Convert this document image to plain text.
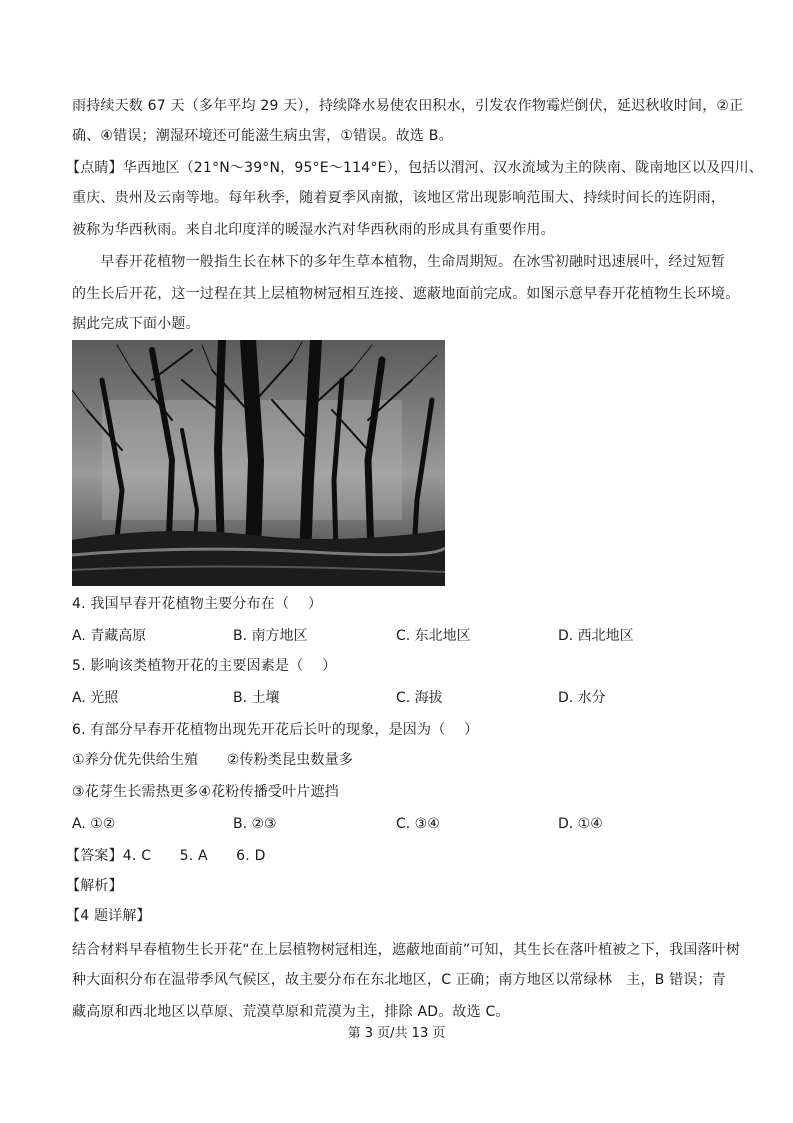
雨持续天数 67 天（多年平均 29 天），持续降水易使农田积水，引发农作物霉烂倒伏，延迟秋收时间，②正
确、④错误；潮湿环境还可能滋生病虫害，①错误。故选 B。
【点睛】华西地区（21°N～39°N，95°E～114°E），包括以渭河、汉水流域为主的陕南、陇南地区以及四川、
重庆、贵州及云南等地。每年秋季，随着夏季风南撤，该地区常出现影响范围大、持续时间长的连阴雨，
被称为华西秋雨。来自北印度洋的暖湿水汽对华西秋雨的形成具有重要作用。
　　早春开花植物一般指生长在林下的多年生草本植物，生命周期短。在冰雪初融时迅速展叶，经过短暂
的生长后开花，这一过程在其上层植物树冠相互连接、遮蔽地面前完成。如图示意早春开花植物生长环境。
据此完成下面小题。
4. 我国早春开花植物主要分布在（　 ）
A. 青藏高原	B. 南方地区	C. 东北地区	D. 西北地区
5. 影响该类植物开花的主要因素是（　 ）
A. 光照	B. 土壤	C. 海拔	D. 水分
6. 有部分早春开花植物出现先开花后长叶的现象，是因为（　 ）
①养分优先供给生殖　　②传粉类昆虫数量多
③花芽生长需热更多④花粉传播受叶片遮挡
A. ①②	B. ②③	C. ③④	D. ①④
【答案】4. C　　5. A　　6. D
【解析】
【4 题详解】
结合材料早春植物生长开花“在上层植物树冠相连，遮蔽地面前”可知，其生长在落叶植被之下，我国落叶树
种大面积分布在温带季风气候区，故主要分布在东北地区，C 正确；南方地区以常绿林　主，B 错误；青
藏高原和西北地区以草原、荒漠草原和荒漠为主，排除 AD。故选 C。
第 3 页/共 13 页
